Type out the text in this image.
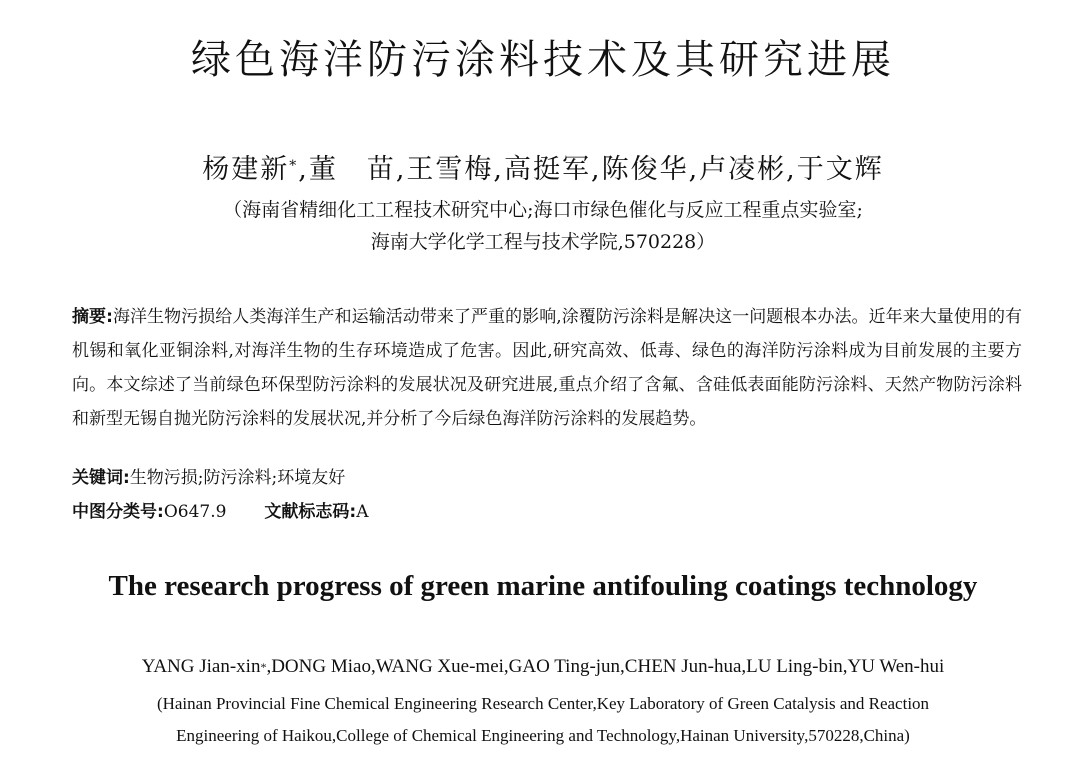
绿色海洋防污涂料技术及其研究进展
杨建新*,董　苗,王雪梅,高挺军,陈俊华,卢凌彬,于文辉
（海南省精细化工工程技术研究中心;海口市绿色催化与反应工程重点实验室;
海南大学化学工程与技术学院,570228）
摘要:海洋生物污损给人类海洋生产和运输活动带来了严重的影响,涂覆防污涂料是解决这一问题根本办法。近年来大量使用的有机锡和氧化亚铜涂料,对海洋生物的生存环境造成了危害。因此,研究高效、低毒、绿色的海洋防污涂料成为目前发展的主要方向。本文综述了当前绿色环保型防污涂料的发展状况及研究进展,重点介绍了含氟、含硅低表面能防污涂料、天然产物防污涂料和新型无锡自抛光防污涂料的发展状况,并分析了今后绿色海洋防污涂料的发展趋势。
关键词:生物污损;防污涂料;环境友好
中图分类号:O647.9 文献标志码:A
The research progress of green marine antifouling coatings technology
YANG Jian-xin*,DONG Miao,WANG Xue-mei,GAO Ting-jun,CHEN Jun-hua,LU Ling-bin,YU Wen-hui
(Hainan Provincial Fine Chemical Engineering Research Center,Key Laboratory of Green Catalysis and Reaction
Engineering of Haikou,College of Chemical Engineering and Technology,Hainan University,570228,China)
